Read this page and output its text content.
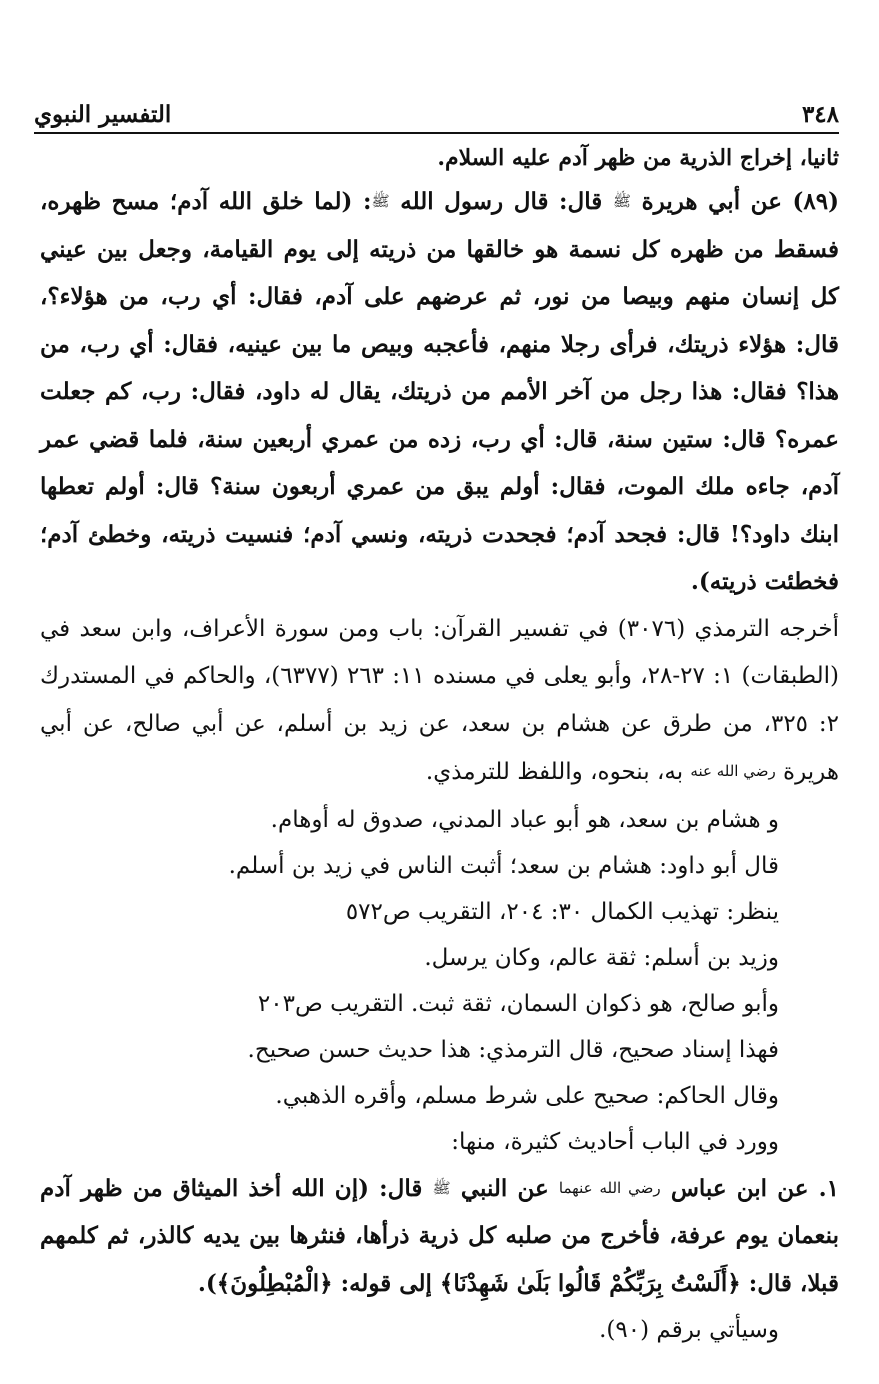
التفسير النبوي	٣٤٨

ثانيا، إخراج الذرية من ظهر آدم عليه السلام.

(٨٩) عن أبي هريرة ﷺ قال: قال رسول الله ﷺ: (لما خلق الله آدم؛ مسح ظهره، فسقط من ظهره كل نسمة هو خالقها من ذريته إلى يوم القيامة، وجعل بين عيني كل إنسان منهم وبيصا من نور، ثم عرضهم على آدم، فقال: أي رب، من هؤلاء؟، قال: هؤلاء ذريتك، فرأى رجلا منهم، فأعجبه وبيص ما بين عينيه، فقال: أي رب، من هذا؟ فقال: هذا رجل من آخر الأمم من ذريتك، يقال له داود، فقال: رب، كم جعلت عمره؟ قال: ستين سنة، قال: أي رب، زده من عمري أربعين سنة، فلما قضي عمر آدم، جاءه ملك الموت، فقال: أولم يبق من عمري أربعون سنة؟ قال: أولم تعطها ابنك داود؟! قال: فجحد آدم؛ فجحدت ذريته، ونسي آدم؛ فنسيت ذريته، وخطئ آدم؛ فخطئت ذريته).

أخرجه الترمذي (٣٠٧٦) في تفسير القرآن: باب ومن سورة الأعراف، وابن سعد في (الطبقات) ١: ٢٧-٢٨، وأبو يعلى في مسنده ١١: ٢٦٣ (٦٣٧٧)، والحاكم في المستدرك ٢: ٣٢٥، من طرق عن هشام بن سعد، عن زيد بن أسلم، عن أبي صالح، عن أبي هريرة رضي الله عنه به، بنحوه، واللفظ للترمذي.

و هشام بن سعد، هو أبو عباد المدني، صدوق له أوهام.

قال أبو داود: هشام بن سعد؛ أثبت الناس في زيد بن أسلم.

ينظر: تهذيب الكمال ٣٠: ٢٠٤، التقريب ص٥٧٢

وزيد بن أسلم: ثقة عالم، وكان يرسل.

وأبو صالح، هو ذكوان السمان، ثقة ثبت. التقريب ص٢٠٣

فهذا إسناد صحيح، قال الترمذي: هذا حديث حسن صحيح.

وقال الحاكم: صحيح على شرط مسلم، وأقره الذهبي.

وورد في الباب أحاديث كثيرة، منها:

١. عن ابن عباس رضي الله عنهما عن النبي ﷺ قال: (إن الله أخذ الميثاق من ظهر آدم بنعمان يوم عرفة، فأخرج من صلبه كل ذرية ذرأها، فنثرها بين يديه كالذر، ثم كلمهم قبلا، قال: ﴿أَلَسْتُ بِرَبِّكُمْ قَالُوا بَلَىٰ شَهِدْنَا﴾ إلى قوله: ﴿الْمُبْطِلُونَ﴾).

وسيأتي برقم (٩٠).
